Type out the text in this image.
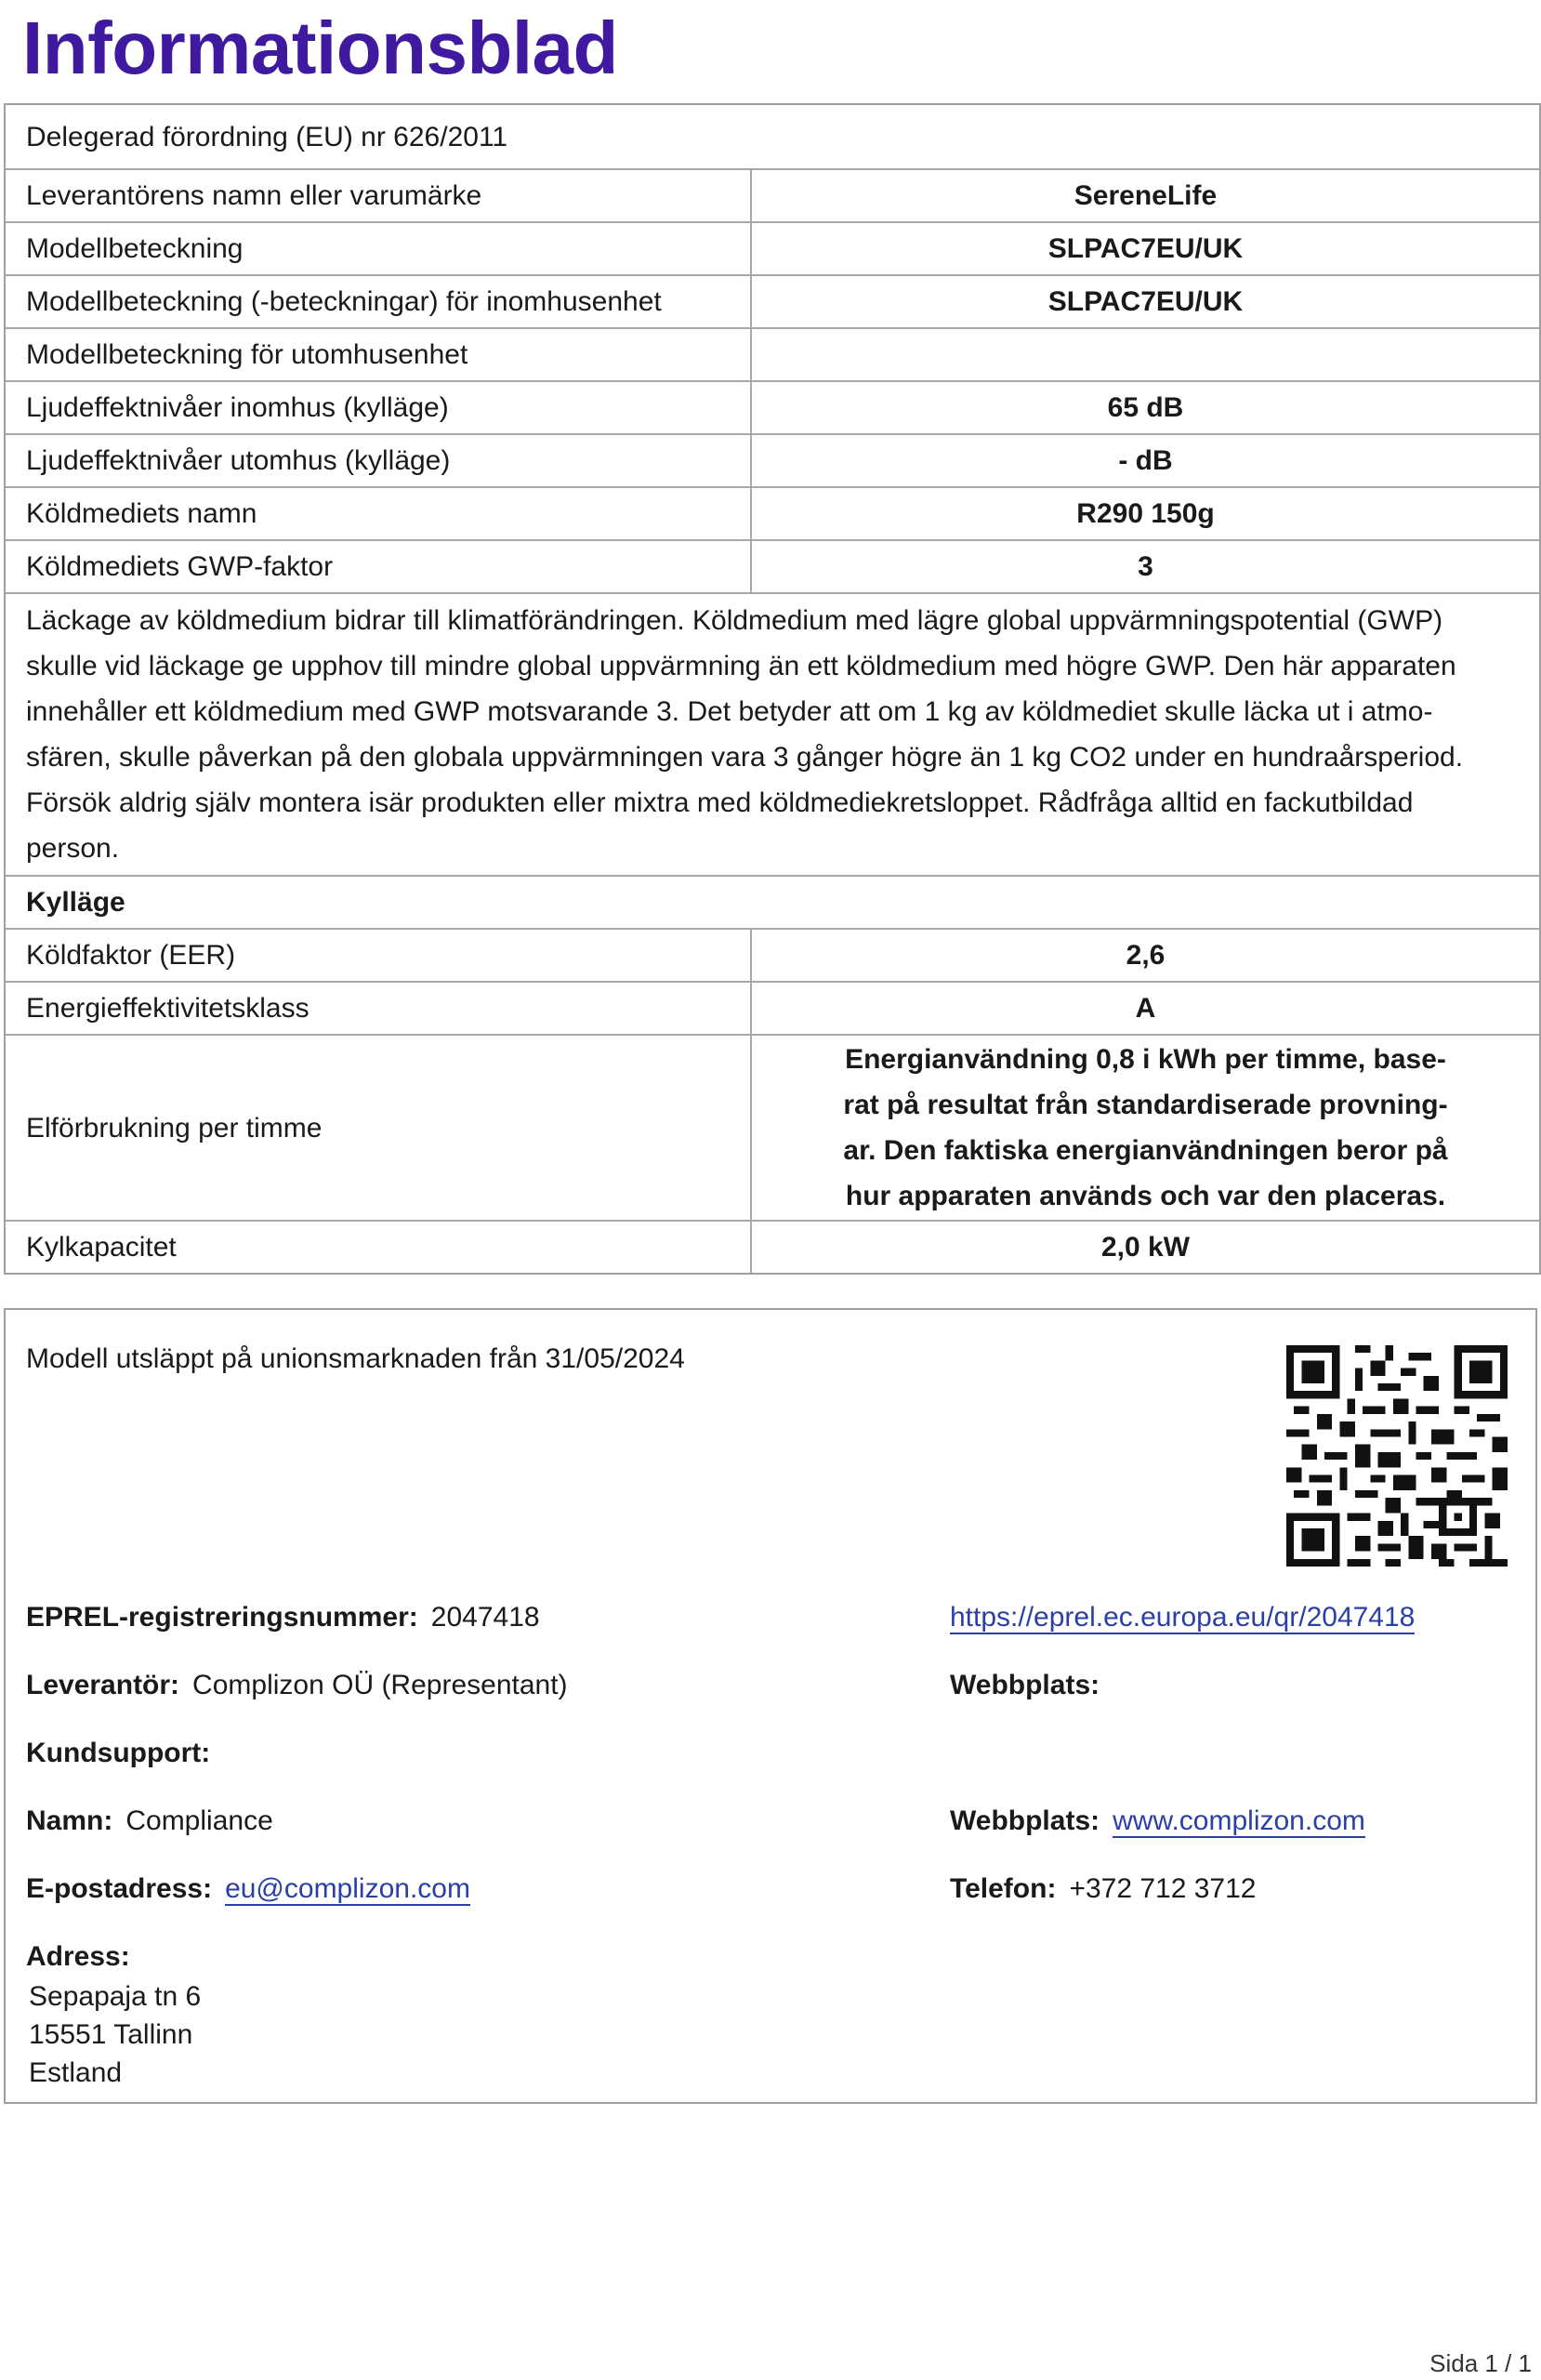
Informationsblad
Delegerad förordning (EU) nr 626/2011
Leverantörens namn eller varumärke	SereneLife
Modellbeteckning	SLPAC7EU/UK
Modellbeteckning (-beteckningar) för inomhusenhet	SLPAC7EU/UK
Modellbeteckning för utomhusenhet
Ljudeffektnivåer inomhus (kylläge)	65 dB
Ljudeffektnivåer utomhus (kylläge)	- dB
Köldmediets namn	R290 150g
Köldmediets GWP-faktor	3
Läckage av köldmedium bidrar till klimatförändringen. Köldmedium med lägre global uppvärmningspotential (GWP)
skulle vid läckage ge upphov till mindre global uppvärmning än ett köldmedium med högre GWP. Den här apparaten
innehåller ett köldmedium med GWP motsvarande 3. Det betyder att om 1 kg av köldmediet skulle läcka ut i atmo-
sfären, skulle påverkan på den globala uppvärmningen vara 3 gånger högre än 1 kg CO2 under en hundraårsperiod.
Försök aldrig själv montera isär produkten eller mixtra med köldmediekretsloppet. Rådfråga alltid en fackutbildad
person.
Kylläge
Köldfaktor (EER)	2,6
Energieffektivitetsklass	A
Elförbrukning per timme
Energianvändning 0,8 i kWh per timme, base-
rat på resultat från standardiserade provning-
ar. Den faktiska energianvändningen beror på
hur apparaten används och var den placeras.
Kylkapacitet	2,0 kW
Modell utsläppt på unionsmarknaden från 31/05/2024
EPREL-registreringsnummer: 2047418	https://eprel.ec.europa.eu/qr/2047418
Leverantör: Complizon OÜ (Representant)	Webbplats:
Kundsupport:
Namn: Compliance	Webbplats: www.complizon.com
E-postadress: eu@complizon.com	Telefon: +372 712 3712
Adress:
Sepapaja tn 6
15551 Tallinn
Estland
Sida 1 / 1
